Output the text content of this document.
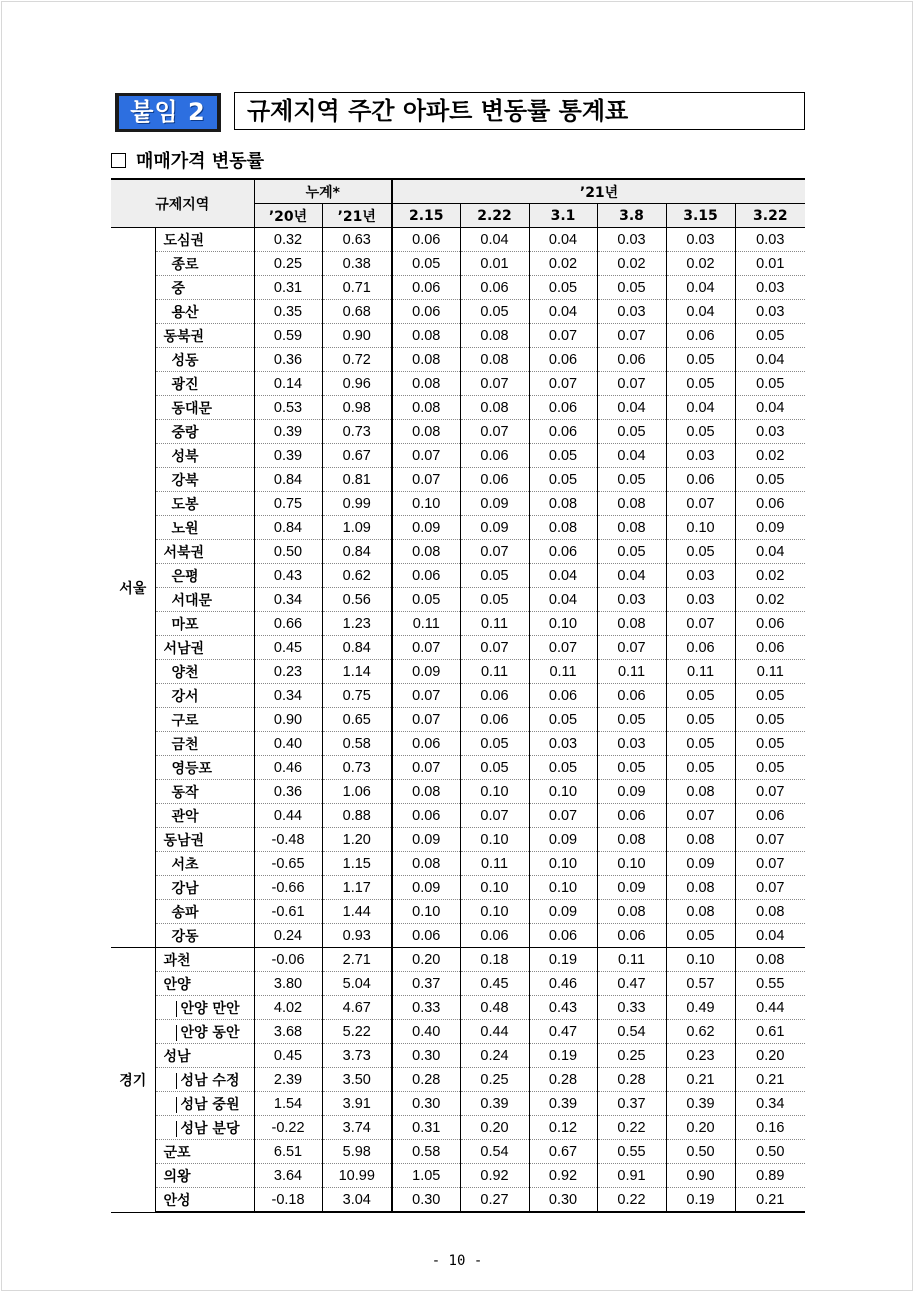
붙임 2	규제지역 주간 아파트 변동률 통계표
매매가격 변동률
규제지역		누계*		’21년					
		’20년	’21년	2.15	2.22	3.1	3.8	3.15	3.22
서울	도심권	0.32	0.63	0.06	0.04	0.04	0.03	0.03	0.03
	종로	0.25	0.38	0.05	0.01	0.02	0.02	0.02	0.01
	중	0.31	0.71	0.06	0.06	0.05	0.05	0.04	0.03
	용산	0.35	0.68	0.06	0.05	0.04	0.03	0.04	0.03
	동북권	0.59	0.90	0.08	0.08	0.07	0.07	0.06	0.05
	성동	0.36	0.72	0.08	0.08	0.06	0.06	0.05	0.04
	광진	0.14	0.96	0.08	0.07	0.07	0.07	0.05	0.05
	동대문	0.53	0.98	0.08	0.08	0.06	0.04	0.04	0.04
	중랑	0.39	0.73	0.08	0.07	0.06	0.05	0.05	0.03
	성북	0.39	0.67	0.07	0.06	0.05	0.04	0.03	0.02
	강북	0.84	0.81	0.07	0.06	0.05	0.05	0.06	0.05
	도봉	0.75	0.99	0.10	0.09	0.08	0.08	0.07	0.06
	노원	0.84	1.09	0.09	0.09	0.08	0.08	0.10	0.09
	서북권	0.50	0.84	0.08	0.07	0.06	0.05	0.05	0.04
	은평	0.43	0.62	0.06	0.05	0.04	0.04	0.03	0.02
	서대문	0.34	0.56	0.05	0.05	0.04	0.03	0.03	0.02
	마포	0.66	1.23	0.11	0.11	0.10	0.08	0.07	0.06
	서남권	0.45	0.84	0.07	0.07	0.07	0.07	0.06	0.06
	양천	0.23	1.14	0.09	0.11	0.11	0.11	0.11	0.11
	강서	0.34	0.75	0.07	0.06	0.06	0.06	0.05	0.05
	구로	0.90	0.65	0.07	0.06	0.05	0.05	0.05	0.05
	금천	0.40	0.58	0.06	0.05	0.03	0.03	0.05	0.05
	영등포	0.46	0.73	0.07	0.05	0.05	0.05	0.05	0.05
	동작	0.36	1.06	0.08	0.10	0.10	0.09	0.08	0.07
	관악	0.44	0.88	0.06	0.07	0.07	0.06	0.07	0.06
	동남권	-0.48	1.20	0.09	0.10	0.09	0.08	0.08	0.07
	서초	-0.65	1.15	0.08	0.11	0.10	0.10	0.09	0.07
	강남	-0.66	1.17	0.09	0.10	0.10	0.09	0.08	0.07
	송파	-0.61	1.44	0.10	0.10	0.09	0.08	0.08	0.08
	강동	0.24	0.93	0.06	0.06	0.06	0.06	0.05	0.04
경기	과천	-0.06	2.71	0.20	0.18	0.19	0.11	0.10	0.08
	안양	3.80	5.04	0.37	0.45	0.46	0.47	0.57	0.55
	안양 만안	4.02	4.67	0.33	0.48	0.43	0.33	0.49	0.44
	안양 동안	3.68	5.22	0.40	0.44	0.47	0.54	0.62	0.61
	성남	0.45	3.73	0.30	0.24	0.19	0.25	0.23	0.20
	성남 수정	2.39	3.50	0.28	0.25	0.28	0.28	0.21	0.21
	성남 중원	1.54	3.91	0.30	0.39	0.39	0.37	0.39	0.34
	성남 분당	-0.22	3.74	0.31	0.20	0.12	0.22	0.20	0.16
	군포	6.51	5.98	0.58	0.54	0.67	0.55	0.50	0.50
	의왕	3.64	10.99	1.05	0.92	0.92	0.91	0.90	0.89
	안성	-0.18	3.04	0.30	0.27	0.30	0.22	0.19	0.21
- 10 -
